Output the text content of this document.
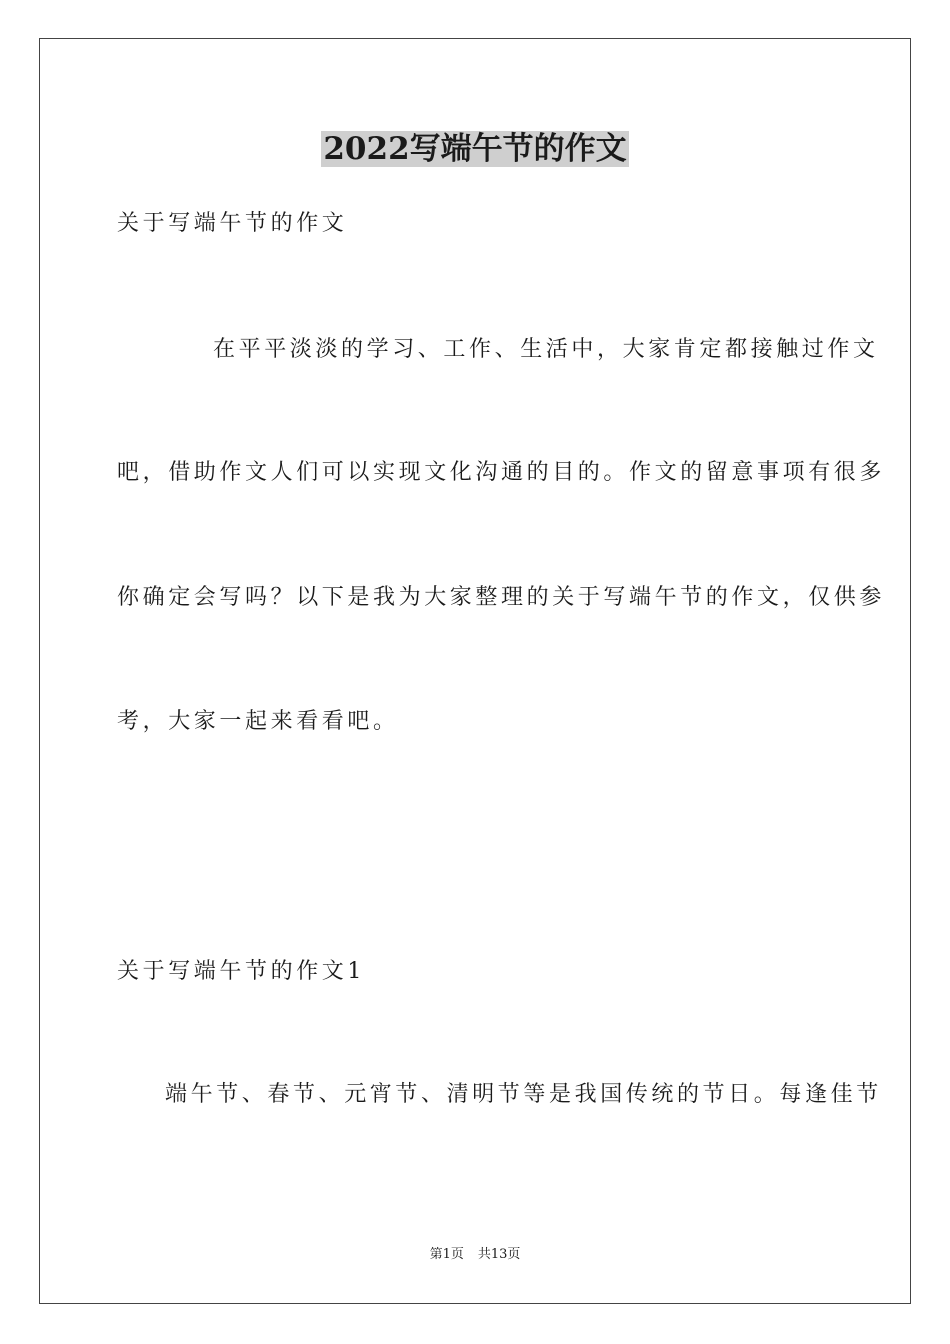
2022写端午节的作文
关于写端午节的作文
在平平淡淡的学习、工作、生活中，大家肯定都接触过作文
吧，借助作文人们可以实现文化沟通的目的。作文的留意事项有很多
你确定会写吗？以下是我为大家整理的关于写端午节的作文，仅供参
考，大家一起来看看吧。
关于写端午节的作文1
端午节、春节、元宵节、清明节等是我国传统的节日。每逢佳节
第1页 共13页
